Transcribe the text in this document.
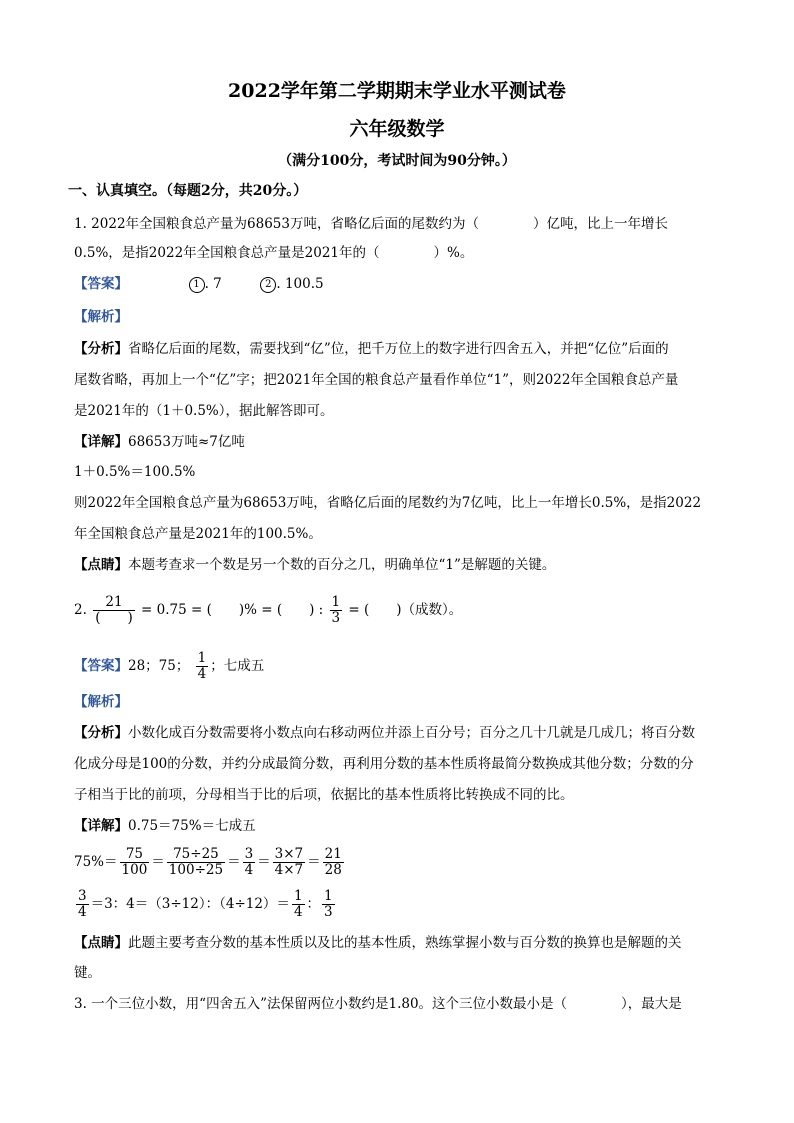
2022学年第二学期期末学业水平测试卷
六年级数学
（满分100分，考试时间为90分钟。）
一、认真填空。（每题2分，共20分。）
1. 2022年全国粮食总产量为68653万吨，省略亿后面的尾数约为（　　　　）亿吨，比上一年增长
0.5%，是指2022年全国粮食总产量是2021年的（　　　　）%。
【答案】	1 . 7	2 . 100.5
【解析】
【分析】省略亿后面的尾数，需要找到“亿”位，把千万位上的数字进行四舍五入，并把“亿位”后面的
尾数省略，再加上一个“亿”字；把2021年全国的粮食总产量看作单位“1”，则2022年全国粮食总产量
是2021年的（1＋0.5%），据此解答即可。
【详解】68653万吨≈7亿吨
1＋0.5%＝100.5%
则2022年全国粮食总产量为68653万吨，省略亿后面的尾数约为7亿吨，比上一年增长0.5%，是指2022
年全国粮食总产量是2021年的100.5%。
【点睛】本题考查求一个数是另一个数的百分之几，明确单位“1”是解题的关键。
2. $\frac{21}{( )} = 0.75$ = (　　)% = (　　) : $\frac{1}{3}$ = (　　)（成数）。
【答案】28；75； $\frac{1}{4}$ ；七成五
【解析】
【分析】小数化成百分数需要将小数点向右移动两位并添上百分号；百分之几十几就是几成几；将百分数
化成分母是100的分数，并约分成最简分数，再利用分数的基本性质将最简分数换成其他分数；分数的分
子相当于比的前项，分母相当于比的后项，依据比的基本性质将比转换成不同的比。
【详解】0.75＝75%＝七成五
$75\%= \frac{75}{100} = \frac{75\div 25}{100\div 25} = \frac{3}{4} = \frac{3\times 7}{4\times 7} = \frac{21}{28}$
$\frac{3}{4} =3$：4＝（3÷12）：$(4\div 12)= \frac{1}{4}$ ： $\frac{1}{3}$
【点睛】此题主要考查分数的基本性质以及比的基本性质，熟练掌握小数与百分数的换算也是解题的关
键。
3. 一个三位小数，用“四舍五入”法保留两位小数约是1.80。这个三位小数最小是（　　　　），最大是
